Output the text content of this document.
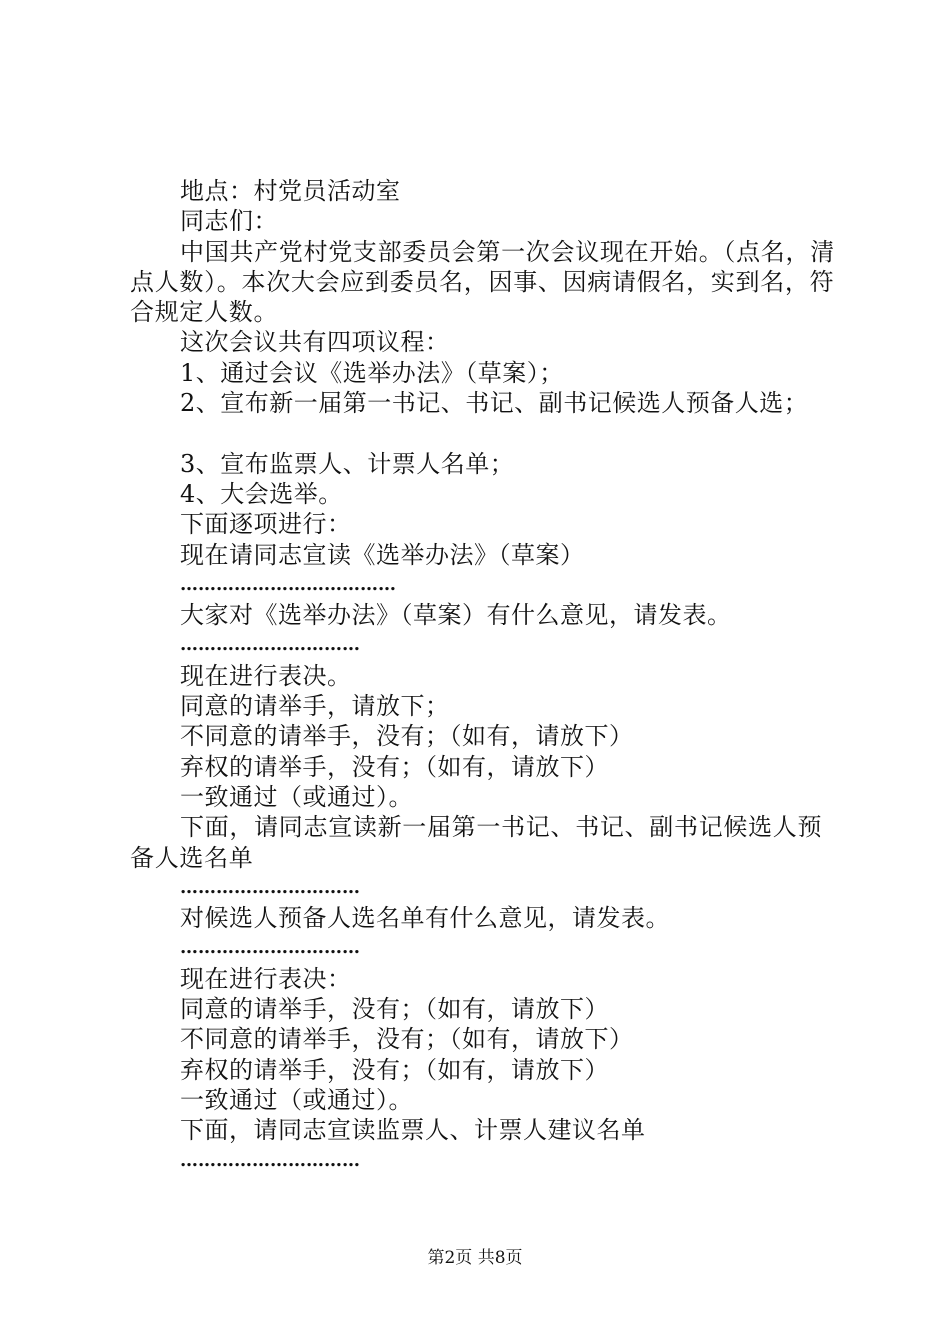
地点：村党员活动室

同志们：

中国共产党村党支部委员会第一次会议现在开始。（点名，清点人数）。本次大会应到委员名，因事、因病请假名，实到名，符合规定人数。

这次会议共有四项议程：

1、通过会议《选举办法》（草案）；

2、宣布新一届第一书记、书记、副书记候选人预备人选；

3、宣布监票人、计票人名单；

4、大会选举。

下面逐项进行：

现在请同志宣读《选举办法》（草案）

………………………………

大家对《选举办法》（草案）有什么意见，请发表。

…………………………

现在进行表决。

同意的请举手，请放下；

不同意的请举手，没有；（如有，请放下）

弃权的请举手，没有；（如有，请放下）

一致通过（或通过）。

下面，请同志宣读新一届第一书记、书记、副书记候选人预备人选名单

…………………………

对候选人预备人选名单有什么意见，请发表。

…………………………

现在进行表决：

同意的请举手，没有；（如有，请放下）

不同意的请举手，没有；（如有，请放下）

弃权的请举手，没有；（如有，请放下）

一致通过（或通过）。

下面，请同志宣读监票人、计票人建议名单

…………………………

第2页 共8页
